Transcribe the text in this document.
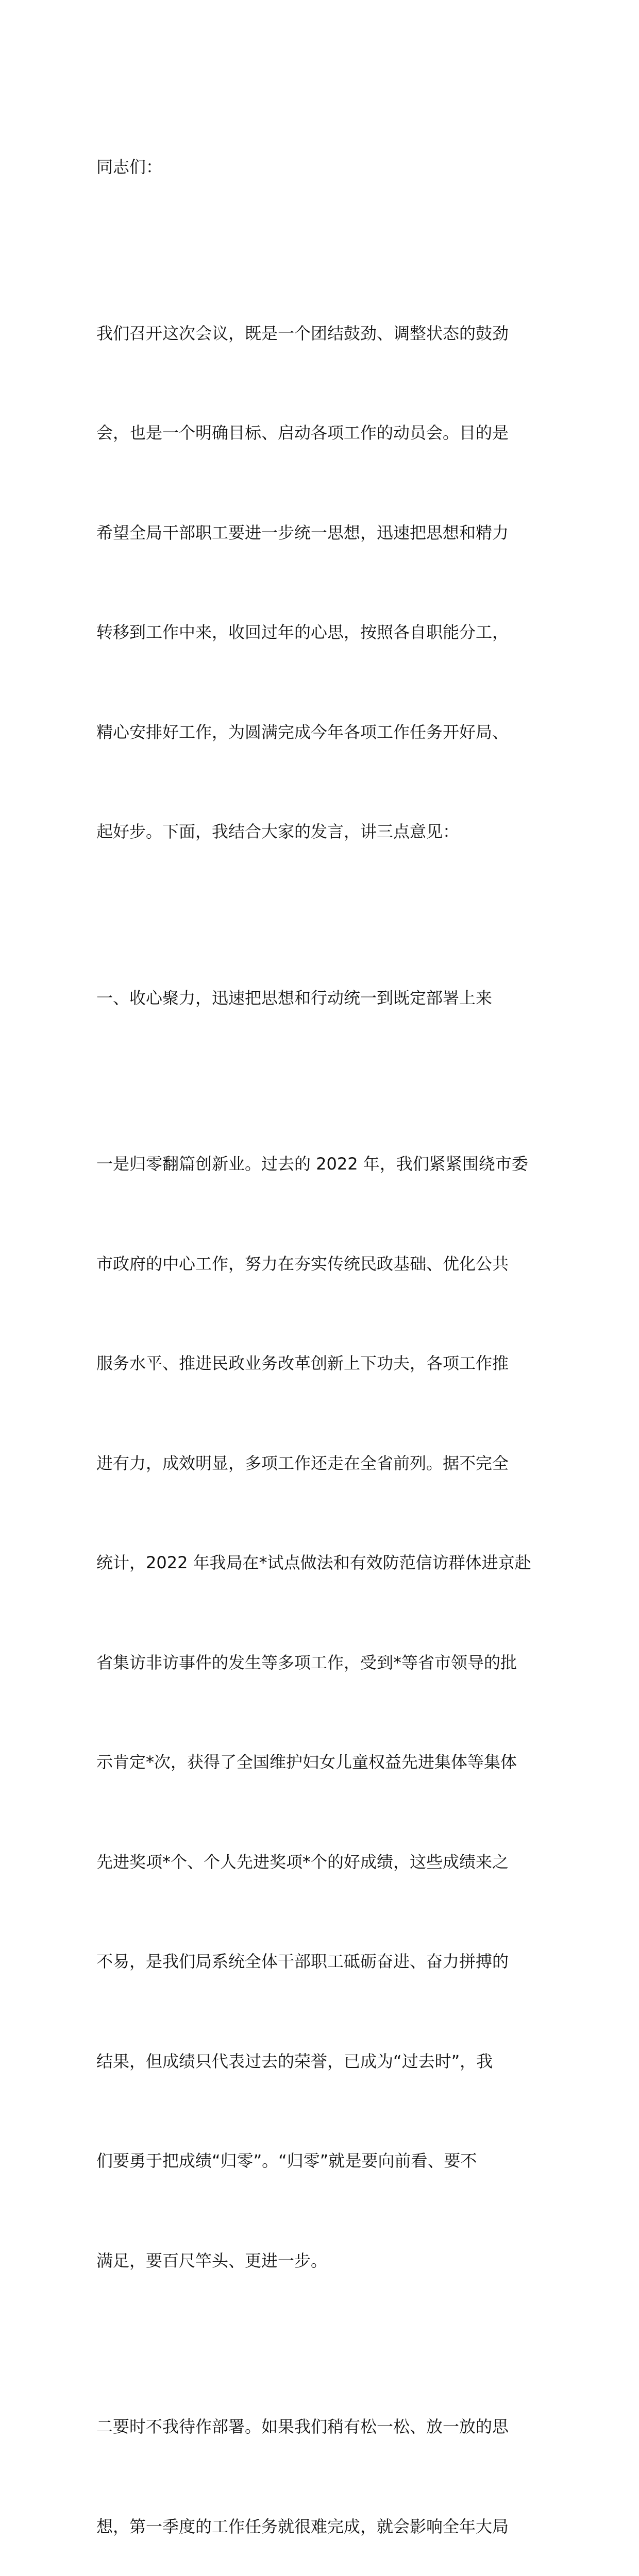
同志们：

我们召开这次会议，既是一个团结鼓劲、调整状态的鼓劲

会，也是一个明确目标、启动各项工作的动员会。目的是

希望全局干部职工要进一步统一思想，迅速把思想和精力

转移到工作中来，收回过年的心思，按照各自职能分工，

精心安排好工作，为圆满完成今年各项工作任务开好局、

起好步。下面，我结合大家的发言，讲三点意见：

一、收心聚力，迅速把思想和行动统一到既定部署上来

一是归零翻篇创新业。过去的 2022 年，我们紧紧围绕市委

市政府的中心工作，努力在夯实传统民政基础、优化公共

服务水平、推进民政业务改革创新上下功夫，各项工作推

进有力，成效明显，多项工作还走在全省前列。据不完全

统计，2022 年我局在*试点做法和有效防范信访群体进京赴

省集访非访事件的发生等多项工作，受到*等省市领导的批

示肯定*次，获得了全国维护妇女儿童权益先进集体等集体

先进奖项*个、个人先进奖项*个的好成绩，这些成绩来之

不易，是我们局系统全体干部职工砥砺奋进、奋力拼搏的

结果，但成绩只代表过去的荣誉，已成为“过去时”，我

们要勇于把成绩“归零”。“归零”就是要向前看、要不

满足，要百尺竿头、更进一步。

二要时不我待作部署。如果我们稍有松一松、放一放的思

想，第一季度的工作任务就很难完成，就会影响全年大局
